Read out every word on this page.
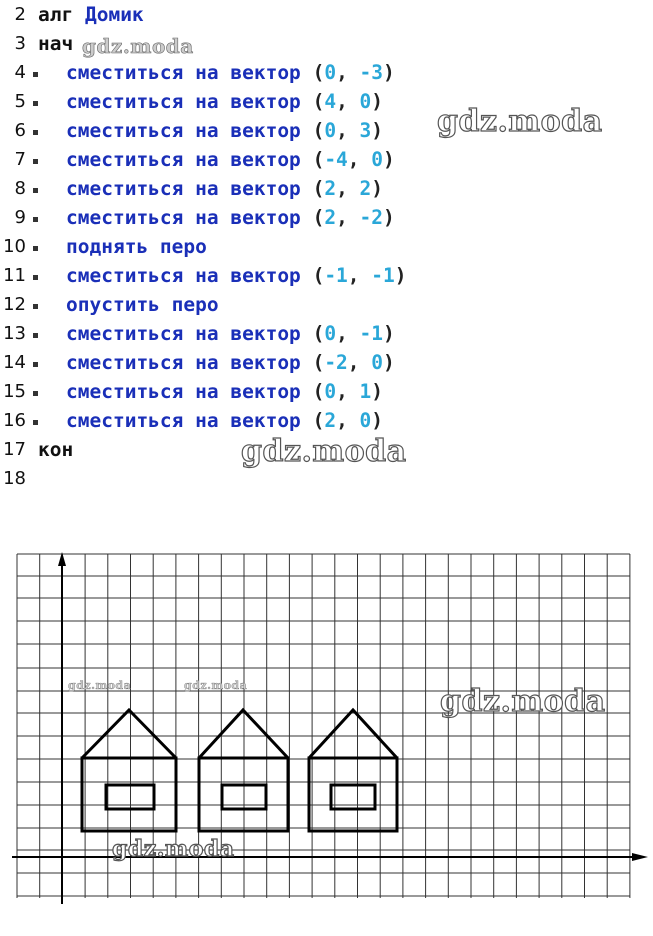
2 алг Домик
3 нач
4 сместиться на вектор (0, -3)
5 сместиться на вектор (4, 0)
6 сместиться на вектор (0, 3)
7 сместиться на вектор (-4, 0)
8 сместиться на вектор (2, 2)
9 сместиться на вектор (2, -2)
10 поднять перо
11 сместиться на вектор (-1, -1)
12 опустить перо
13 сместиться на вектор (0, -1)
14 сместиться на вектор (-2, 0)
15 сместиться на вектор (0, 1)
16 сместиться на вектор (2, 0)
17 кон
18
gdz.moda
gdz.moda
gdz.moda
gdz.moda
gdz.moda
gdz.moda	gdz.moda
